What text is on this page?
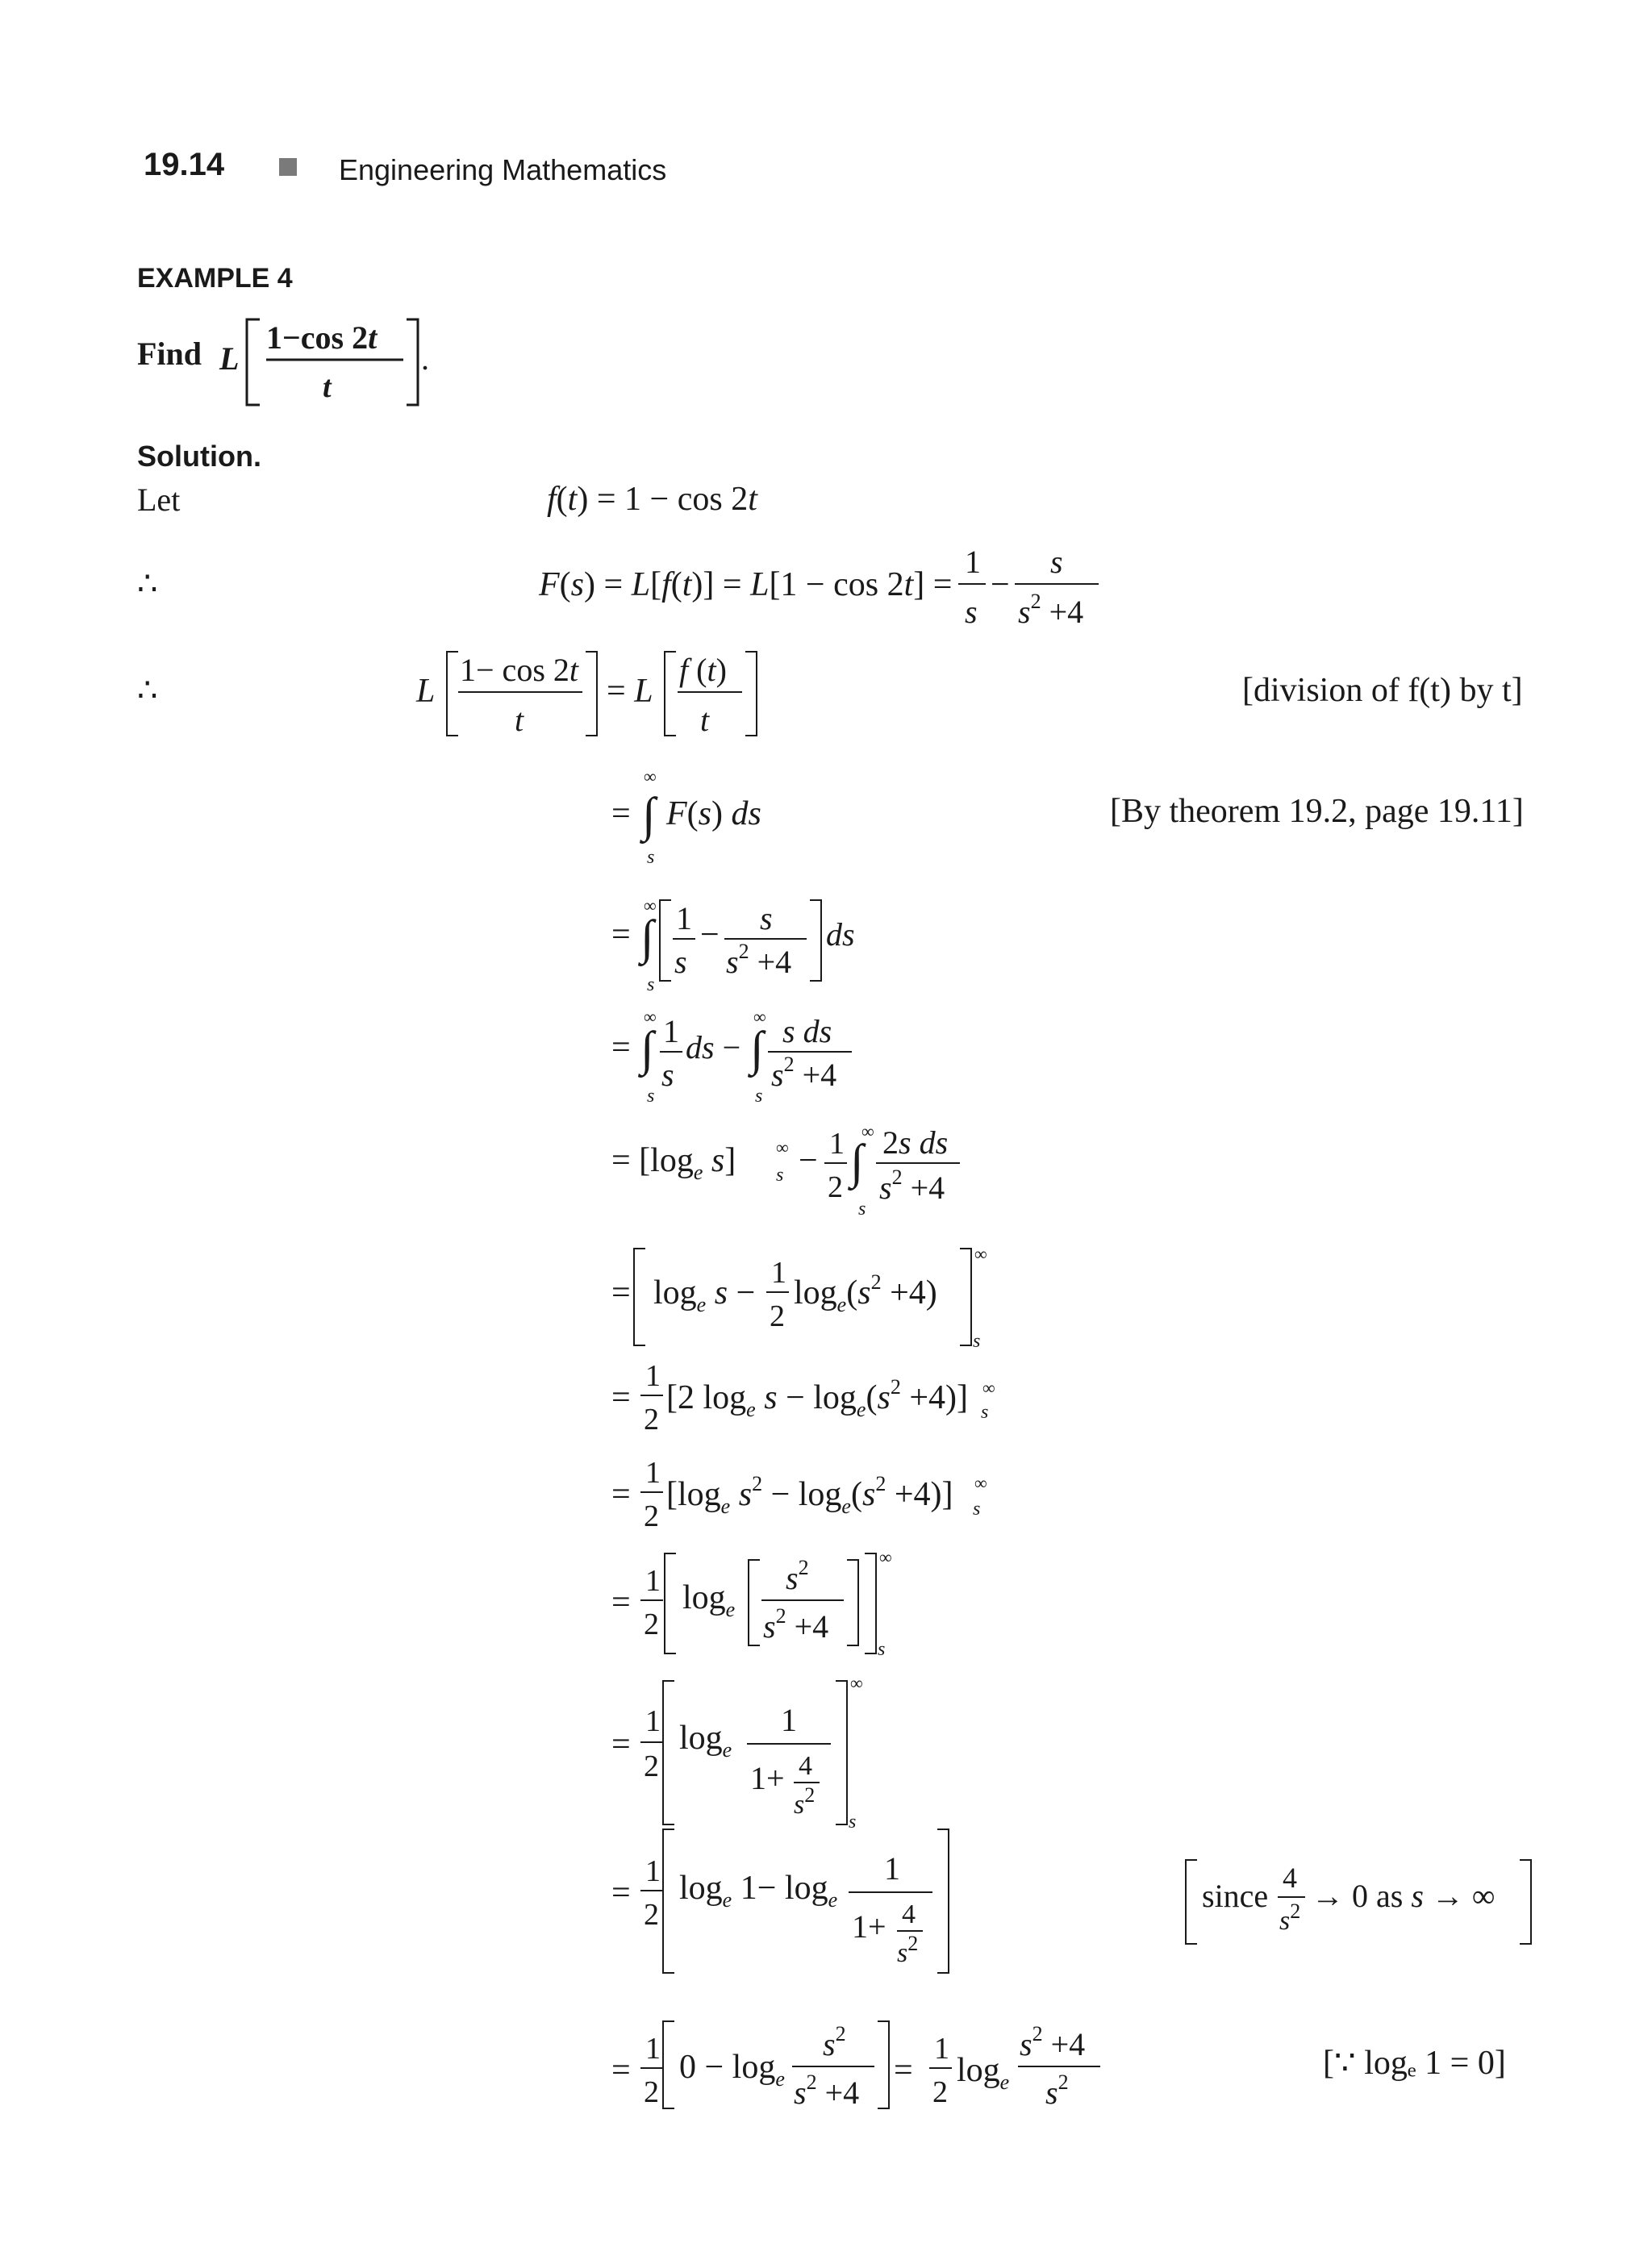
19.14	Engineering Mathematics
EXAMPLE 4
Solution.
Let
∴
∴	[division of f(t) by t]
[By theorem 19.2, page 19.11]
[∵ logₑ 1 = 0]
Find L
1−cos 2t
t
.
f(t) = 1 − cos 2t
F(s) = L[f(t)] = L[1 − cos 2t] =
1
s
−
s
$s^2 +4$
L
1− cos 2t
t
= L
f (t)
t
=
∞
∫
s
F(s) ds
=
∞
∫
s
1
s
− s
$s^2 +4$
ds
=
∞
∫
s
1
s
ds −
∞
∫
s
s ds
$s^2 +4$
= [$\log_e$ s] ∞
s − 1
2
∞
∫
s
2s ds
$s^2 +4$
= $\log_e s$ −
1
2
$\log_e(s^2 +4)$
∞
s
=
1
2
[2 $\log_e s - \log_e(s^2 +4)$] ∞
s
=
1
2
[$\log_e$ $s^2 - \log_e(s^2 +4)$] ∞
s
=
1
2
$\log_e$
$s^2$
$s^2 +4$
∞
s
=
1
2
$\log_e$
1
1+ 4
$s^2$
∞
s
=
1
2
$\log_e 1- \log_e$
1
1+ 4
$s^2$
since 4
$s^2 \to 0$ as s → ∞
=
1
2
$0 - \log_e$
$s^2$
$s^2 +4$
=
1
2
$\log_e$
$s^2 +4$
$s^2$
